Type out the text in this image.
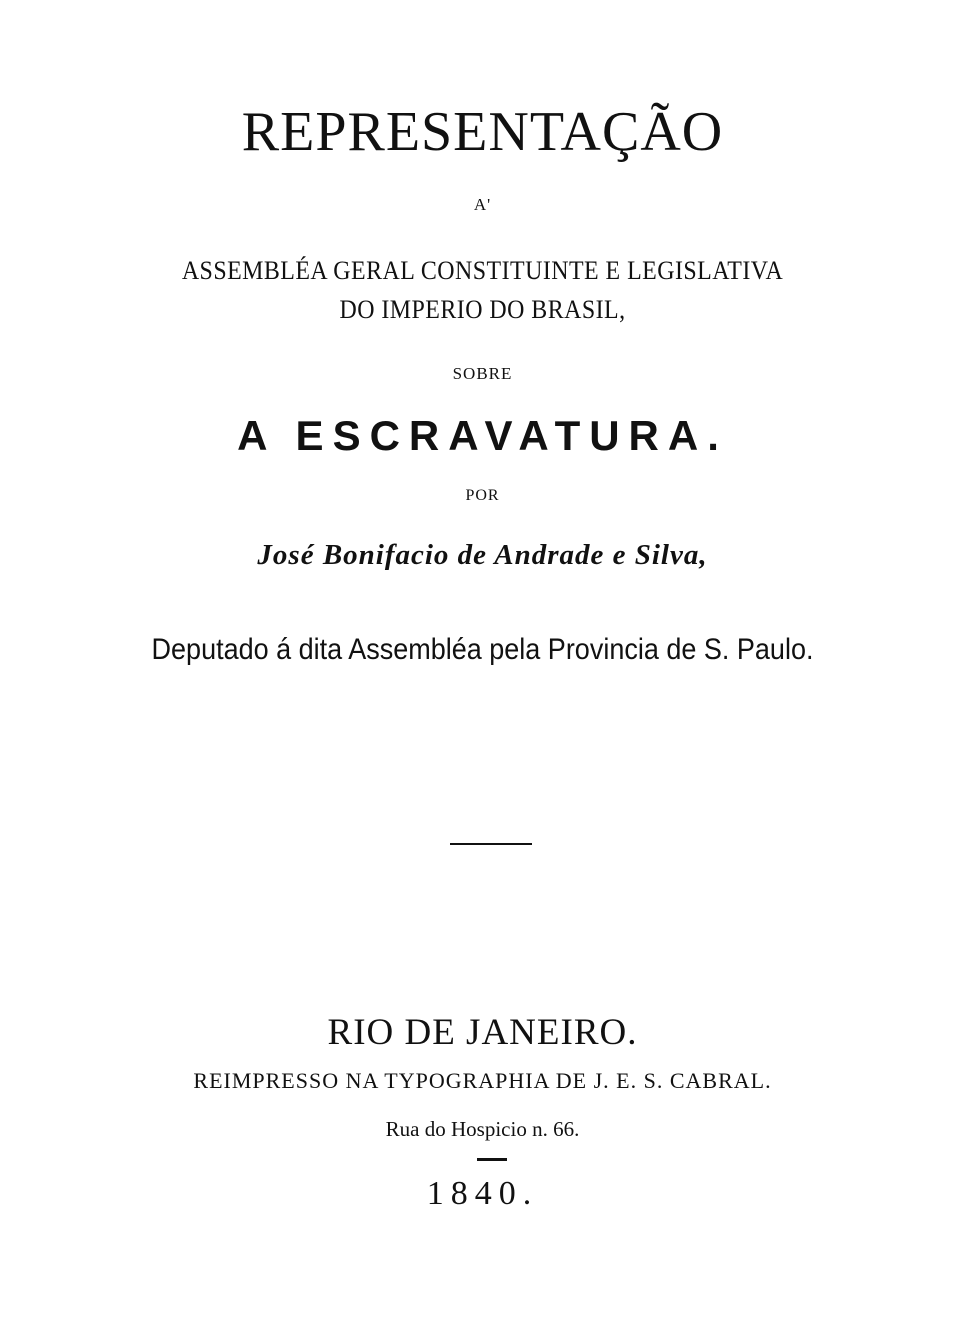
REPRESENTAÇÃO
A'
ASSEMBLÉA GERAL CONSTITUINTE E LEGISLATIVA
DO IMPERIO DO BRASIL,
SOBRE
A ESCRAVATURA.
POR
José Bonifacio de Andrade e Silva,
Deputado á dita Assembléa pela Provincia de S. Paulo.
RIO DE JANEIRO.
REIMPRESSO NA TYPOGRAPHIA DE J. E. S. CABRAL.
Rua do Hospicio n. 66.
1840.
